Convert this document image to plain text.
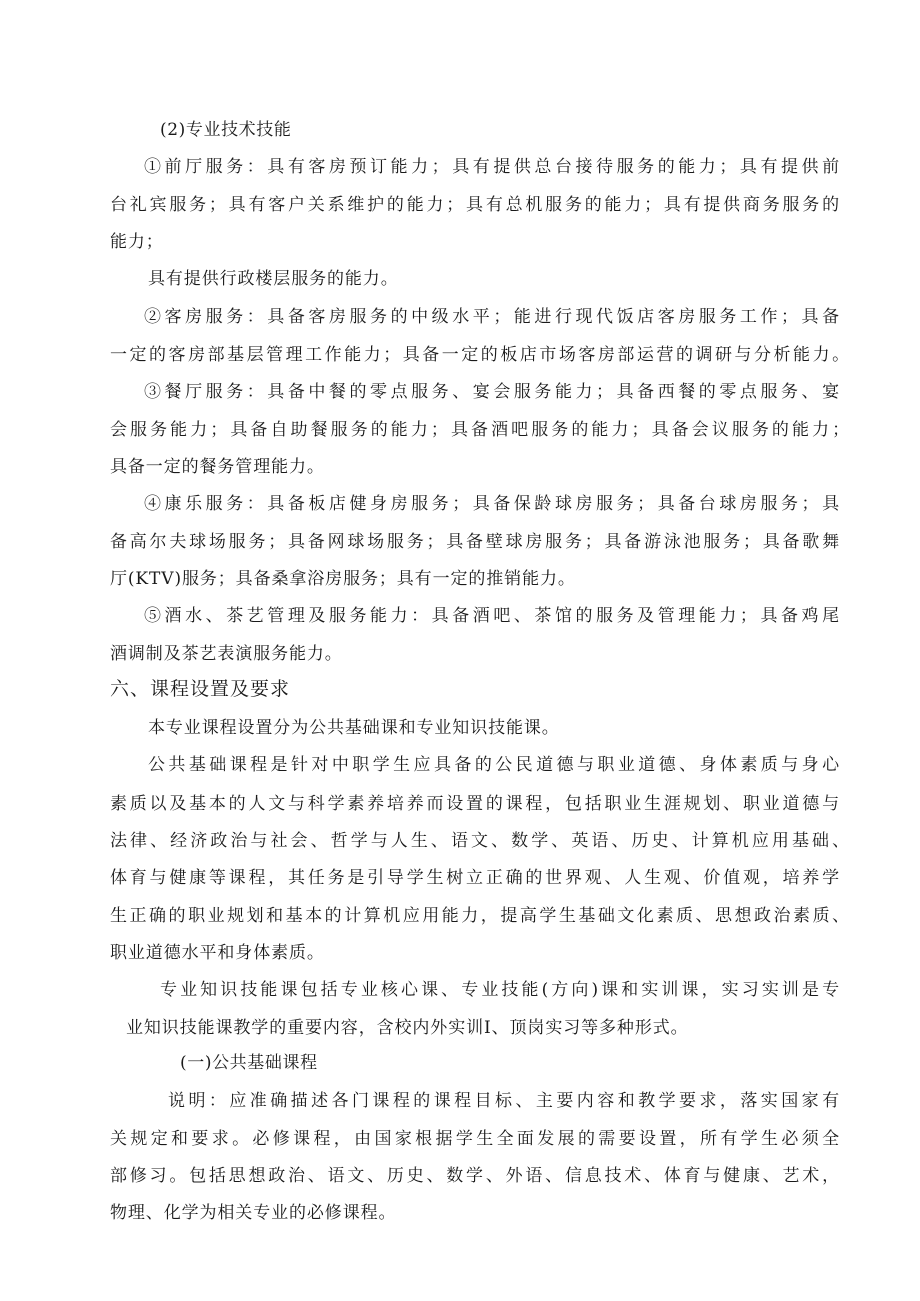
(2)专业技术技能
①前厅服务：具有客房预订能力；具有提供总台接待服务的能力；具有提供前
台礼宾服务；具有客户关系维护的能力；具有总机服务的能力；具有提供商务服务的
能力；
具有提供行政楼层服务的能力。
②客房服务：具备客房服务的中级水平；能进行现代饭店客房服务工作；具备
一定的客房部基层管理工作能力；具备一定的板店市场客房部运营的调研与分析能力。
③餐厅服务：具备中餐的零点服务、宴会服务能力；具备西餐的零点服务、宴
会服务能力；具备自助餐服务的能力；具备酒吧服务的能力；具备会议服务的能力；
具备一定的餐务管理能力。
④康乐服务：具备板店健身房服务；具备保龄球房服务；具备台球房服务；具
备高尔夫球场服务；具备网球场服务；具备壁球房服务；具备游泳池服务；具备歌舞
厅(KTV)服务；具备桑拿浴房服务；具有一定的推销能力。
⑤酒水、茶艺管理及服务能力：具备酒吧、茶馆的服务及管理能力；具备鸡尾
酒调制及茶艺表演服务能力。
六、课程设置及要求
本专业课程设置分为公共基础课和专业知识技能课。
公共基础课程是针对中职学生应具备的公民道德与职业道德、身体素质与身心
素质以及基本的人文与科学素养培养而设置的课程，包括职业生涯规划、职业道德与
法律、经济政治与社会、哲学与人生、语文、数学、英语、历史、计算机应用基础、
体育与健康等课程，其任务是引导学生树立正确的世界观、人生观、价值观，培养学
生正确的职业规划和基本的计算机应用能力，提高学生基础文化素质、思想政治素质、
职业道德水平和身体素质。
专业知识技能课包括专业核心课、专业技能(方向)课和实训课，实习实训是专
业知识技能课教学的重要内容，含校内外实训Ⅰ、顶岗实习等多种形式。
(一)公共基础课程
说明：应准确描述各门课程的课程目标、主要内容和教学要求，落实国家有
关规定和要求。必修课程，由国家根据学生全面发展的需要设置，所有学生必须全
部修习。包括思想政治、语文、历史、数学、外语、信息技术、体育与健康、艺术，
物理、化学为相关专业的必修课程。
